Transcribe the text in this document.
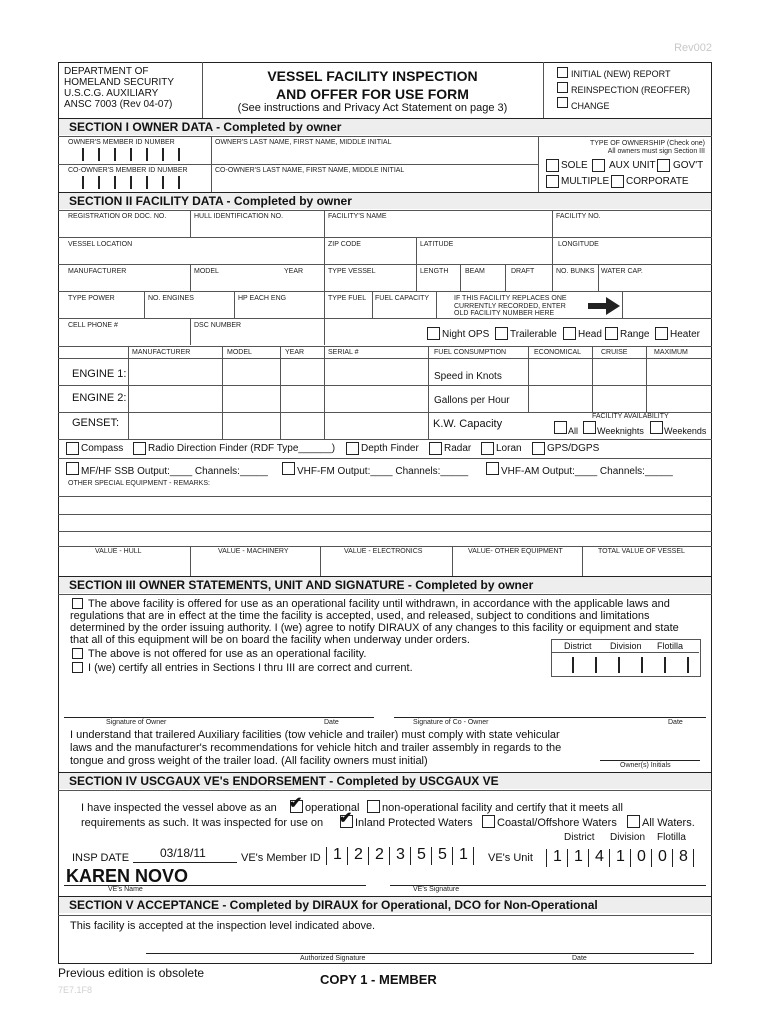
Rev002
DEPARTMENT OF
HOMELAND SECURITY
U.S.C.G. AUXILIARY
ANSC 7003 (Rev 04-07)
VESSEL FACILITY INSPECTION
AND OFFER FOR USE FORM
(See instructions and Privacy Act Statement on page 3)
INITIAL (NEW) REPORT
REINSPECTION (REOFFER)
CHANGE
SECTION I OWNER DATA - Completed by owner
OWNER'S MEMBER ID NUMBER	OWNER'S LAST NAME, FIRST NAME, MIDDLE INITIAL
CO-OWNER'S MEMBER ID NUMBER	CO-OWNER'S LAST NAME, FIRST NAME, MIDDLE INITIAL
TYPE OF OWNERSHIP (Check one)
All owners must sign Section III
SOLE AUX UNIT GOV'T
MULTIPLE CORPORATE
SECTION II FACILITY DATA - Completed by owner
REGISTRATION OR DOC. NO.	HULL IDENTIFICATION NO.	FACILITY'S NAME	FACILITY NO.
VESSEL LOCATION	ZIP CODE	LATITUDE	LONGITUDE
MANUFACTURER	MODEL	YEAR	TYPE VESSEL	LENGTH BEAM	DRAFT	NO. BUNKS WATER CAP.
TYPE POWER	NO. ENGINES	HP EACH ENG	TYPE FUEL FUEL CAPACITY	IF THIS FACILITY REPLACES ONE
CURRENTLY RECORDED, ENTER
OLD FACILITY NUMBER HERE
CELL PHONE #	DSC NUMBER
Night OPS Trailerable Head Range Heater
MANUFACTURER	MODEL	YEAR	SERIAL #	FUEL CONSUMPTION	ECONOMICAL	CRUISE	MAXIMUM
ENGINE 1:	Speed in Knots
ENGINE 2:	Gallons per Hour
GENSET:	K.W. Capacity
FACILITY AVAILABILITY
All Weeknights Weekends
Compass Radio Direction Finder (RDF Type______)	Depth Finder	Radar Loran	GPS/DGPS
MF/HF SSB Output:____ Channels:_____	VHF-FM Output:____ Channels:_____	VHF-AM Output:____ Channels:_____
OTHER SPECIAL EQUIPMENT - REMARKS:
VALUE - HULL	VALUE - MACHINERY	VALUE - ELECTRONICS	VALUE- OTHER EQUIPMENT	TOTAL VALUE OF VESSEL
SECTION III OWNER STATEMENTS, UNIT AND SIGNATURE - Completed by owner
The above facility is offered for use as an operational facility until withdrawn, in accordance with the applicable laws and
regulations that are in effect at the time the facility is accepted, used, and released, subject to conditions and limitations
determined by the order issuing authority. I (we) agree to notify DIRAUX of any changes to this facility or equipment and state
that all of this equipment will be on board the facility when underway under orders.
The above is not offered for use as an operational facility.
I (we) certify all entries in Sections I thru III are correct and current.
District Division Flotilla
Signature of Owner	Date	Signature of Co - Owner	Date
I understand that trailered Auxiliary facilities (tow vehicle and trailer) must comply with state vehicular
laws and the manufacturer's recommendations for vehicle hitch and trailer assembly in regards to the
tongue and gross weight of the trailer load. (All facility owners must initial)	Owner(s) Initials
SECTION IV USCGAUX VE's ENDORSEMENT - Completed by USCGAUX VE
I have inspected the vessel above as an ✔ operational non-operational facility and certify that it meets all
requirements as such. It was inspected for use on ✔ Inland Protected Waters Coastal/Offshore Waters All Waters.
District Division Flotilla
INSP DATE	03/18/11	VE's Member ID 1 2 2 3 5 5 1 VE's Unit 1 1 4 1 0 0 8
KAREN NOVO
VE's Name	VE's Signature
SECTION V ACCEPTANCE - Completed by DIRAUX for Operational, DCO for Non-Operational
This facility is accepted at the inspection level indicated above.
Authorized Signature	Date
Previous edition is obsolete	COPY 1 - MEMBER
7E7.1F8
